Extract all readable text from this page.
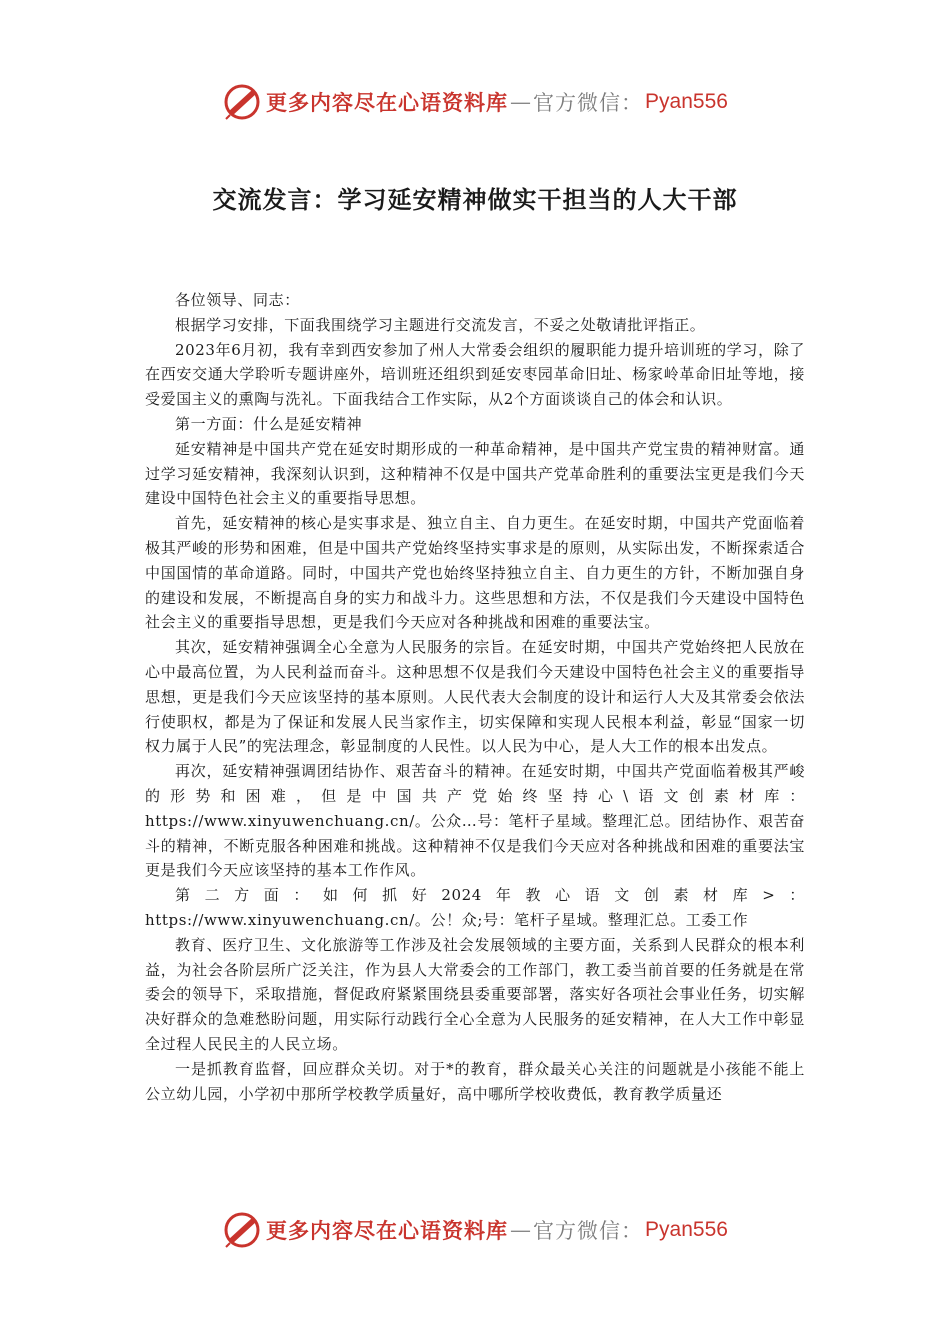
更多内容尽在心语资料库 — 官方微信： Pyan556
交流发言：学习延安精神做实干担当的人大干部

各位领导、同志：

根据学习安排，下面我围绕学习主题进行交流发言，不妥之处敬请批评指正。

2023年6月初，我有幸到西安参加了州人大常委会组织的履职能力提升培训班的学习，除了在西安交通大学聆听专题讲座外，培训班还组织到延安枣园革命旧址、杨家岭革命旧址等地，接受爱国主义的熏陶与洗礼。下面我结合工作实际，从2个方面谈谈自己的体会和认识。

第一方面：什么是延安精神

延安精神是中国共产党在延安时期形成的一种革命精神，是中国共产党宝贵的精神财富。通过学习延安精神，我深刻认识到，这种精神不仅是中国共产党革命胜利的重要法宝更是我们今天建设中国特色社会主义的重要指导思想。

首先，延安精神的核心是实事求是、独立自主、自力更生。在延安时期，中国共产党面临着极其严峻的形势和困难，但是中国共产党始终坚持实事求是的原则，从实际出发，不断探索适合中国国情的革命道路。同时，中国共产党也始终坚持独立自主、自力更生的方针，不断加强自身的建设和发展，不断提高自身的实力和战斗力。这些思想和方法，不仅是我们今天建设中国特色社会主义的重要指导思想，更是我们今天应对各种挑战和困难的重要法宝。

其次，延安精神强调全心全意为人民服务的宗旨。在延安时期，中国共产党始终把人民放在心中最高位置，为人民利益而奋斗。这种思想不仅是我们今天建设中国特色社会主义的重要指导思想，更是我们今天应该坚持的基本原则。人民代表大会制度的设计和运行人大及其常委会依法行使职权，都是为了保证和发展人民当家作主，切实保障和实现人民根本利益，彰显“国家一切权力属于人民”的宪法理念，彰显制度的人民性。以人民为中心，是人大工作的根本出发点。

再次，延安精神强调团结协作、艰苦奋斗的精神。在延安时期，中国共产党面临着极其严峻的形势和困难，但是中国共产党始终坚持心\语文创素材库：https://www.xinyuwenchuang.cn/。公众…号：笔杆子星域。整理汇总。团结协作、艰苦奋斗的精神，不断克服各种困难和挑战。这种精神不仅是我们今天应对各种挑战和困难的重要法宝更是我们今天应该坚持的基本工作作风。

第二方面：如何抓好2024年教心语文创素材库>：https://www.xinyuwenchuang.cn/。公！众;号：笔杆子星域。整理汇总。工委工作

教育、医疗卫生、文化旅游等工作涉及社会发展领域的主要方面，关系到人民群众的根本利益，为社会各阶层所广泛关注，作为县人大常委会的工作部门，教工委当前首要的任务就是在常委会的领导下，采取措施，督促政府紧紧围绕县委重要部署，落实好各项社会事业任务，切实解决好群众的急难愁盼问题，用实际行动践行全心全意为人民服务的延安精神，在人大工作中彰显全过程人民民主的人民立场。

一是抓教育监督，回应群众关切。对于*的教育，群众最关心关注的问题就是小孩能不能上公立幼儿园，小学初中那所学校教学质量好，高中哪所学校收费低，教育教学质量还

更多内容尽在心语资料库 — 官方微信： Pyan556
